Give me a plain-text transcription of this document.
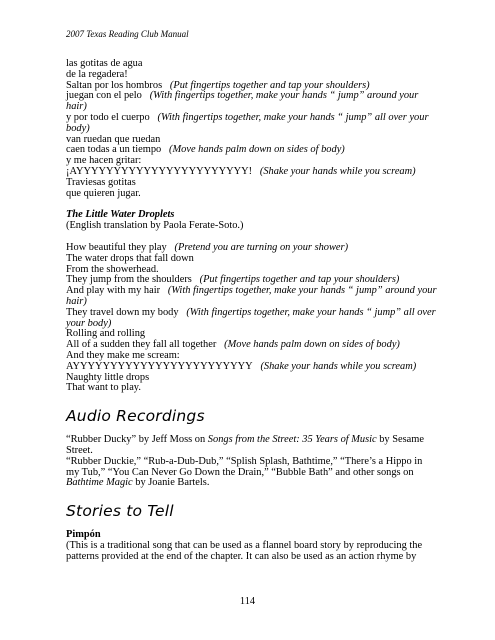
2007 Texas Reading Club Manual
las gotitas de agua
de la regadera!
Saltan por los hombros (Put fingertips together and tap your shoulders)
juegan con el pelo (With fingertips together, make your hands “ jump” around your hair)
y por todo el cuerpo (With fingertips together, make your hands “ jump” all over your body)
van ruedan que ruedan
caen todas a un tiempo (Move hands palm down on sides of body)
y me hacen gritar:
¡AYYYYYYYYYYYYYYYYYYYYYYY! (Shake your hands while you scream)
Traviesas gotitas
que quieren jugar.
The Little Water Droplets
(English translation by Paola Ferate-Soto.)
How beautiful they play (Pretend you are turning on your shower)
The water drops that fall down
From the showerhead.
They jump from the shoulders (Put fingertips together and tap your shoulders)
And play with my hair (With fingertips together, make your hands “ jump” around your hair)
They travel down my body (With fingertips together, make your hands “ jump” all over your body)
Rolling and rolling
All of a sudden they fall all together (Move hands palm down on sides of body)
And they make me scream:
AYYYYYYYYYYYYYYYYYYYYYYYY (Shake your hands while you scream)
Naughty little drops
That want to play.
Audio Recordings
“Rubber Ducky” by Jeff Moss on Songs from the Street: 35 Years of Music by Sesame Street.
“Rubber Duckie,” “Rub-a-Dub-Dub,” “Splish Splash, Bathtime,” “There’s a Hippo in my Tub,” “You Can Never Go Down the Drain,” “Bubble Bath” and other songs on Bathtime Magic by Joanie Bartels.
Stories to Tell
Pimpón
(This is a traditional song that can be used as a flannel board story by reproducing the patterns provided at the end of the chapter. It can also be used as an action rhyme by
114
